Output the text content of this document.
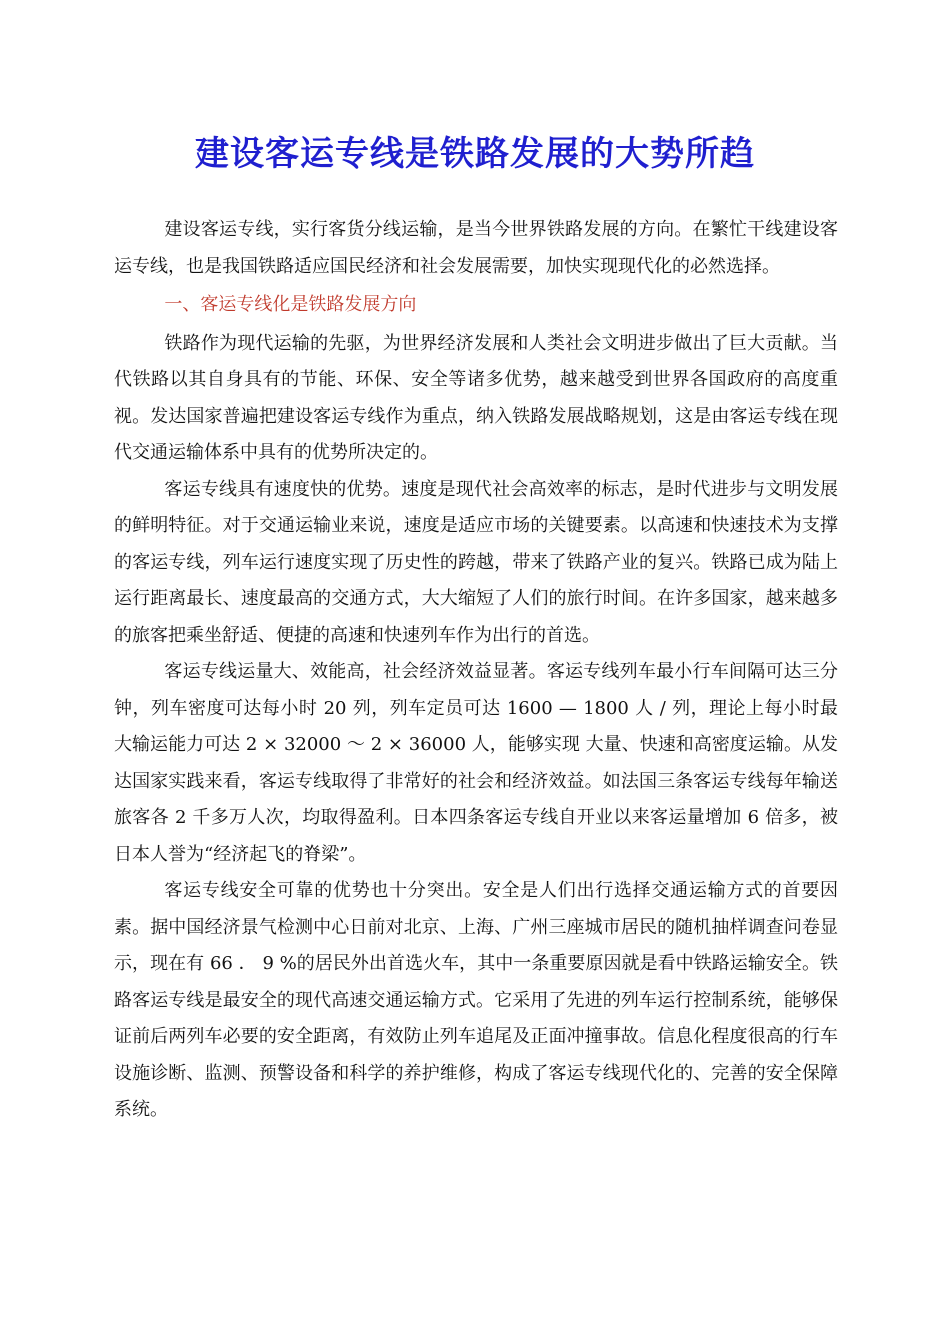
建设客运专线是铁路发展的大势所趋

建设客运专线，实行客货分线运输，是当今世界铁路发展的方向。在繁忙干线建设客运专线，也是我国铁路适应国民经济和社会发展需要，加快实现现代化的必然选择。

一、客运专线化是铁路发展方向

铁路作为现代运输的先驱，为世界经济发展和人类社会文明进步做出了巨大贡献。当代铁路以其自身具有的节能、环保、安全等诸多优势，越来越受到世界各国政府的高度重视。发达国家普遍把建设客运专线作为重点，纳入铁路发展战略规划，这是由客运专线在现代交通运输体系中具有的优势所决定的。

客运专线具有速度快的优势。速度是现代社会高效率的标志，是时代进步与文明发展的鲜明特征。对于交通运输业来说，速度是适应市场的关键要素。以高速和快速技术为支撑的客运专线，列车运行速度实现了历史性的跨越，带来了铁路产业的复兴。铁路已成为陆上运行距离最长、速度最高的交通方式，大大缩短了人们的旅行时间。在许多国家，越来越多的旅客把乘坐舒适、便捷的高速和快速列车作为出行的首选。

客运专线运量大、效能高，社会经济效益显著。客运专线列车最小行车间隔可达三分钟，列车密度可达每小时 20 列，列车定员可达 1600 — 1800 人 / 列，理论上每小时最大输运能力可达 2 × 32000 ～ 2 × 36000 人，能够实现 大量、快速和高密度运输。从发达国家实践来看，客运专线取得了非常好的社会和经济效益。如法国三条客运专线每年输送旅客各 2 千多万人次，均取得盈利。日本四条客运专线自开业以来客运量增加 6 倍多，被日本人誉为“经济起飞的脊梁”。

客运专线安全可靠的优势也十分突出。安全是人们出行选择交通运输方式的首要因素。据中国经济景气检测中心日前对北京、上海、广州三座城市居民的随机抽样调查问卷显示，现在有 66 ． 9 %的居民外出首选火车，其中一条重要原因就是看中铁路运输安全。铁路客运专线是最安全的现代高速交通运输方式。它采用了先进的列车运行控制系统，能够保证前后两列车必要的安全距离，有效防止列车追尾及正面冲撞事故。信息化程度很高的行车设施诊断、监测、预警设备和科学的养护维修，构成了客运专线现代化的、完善的安全保障系统。
